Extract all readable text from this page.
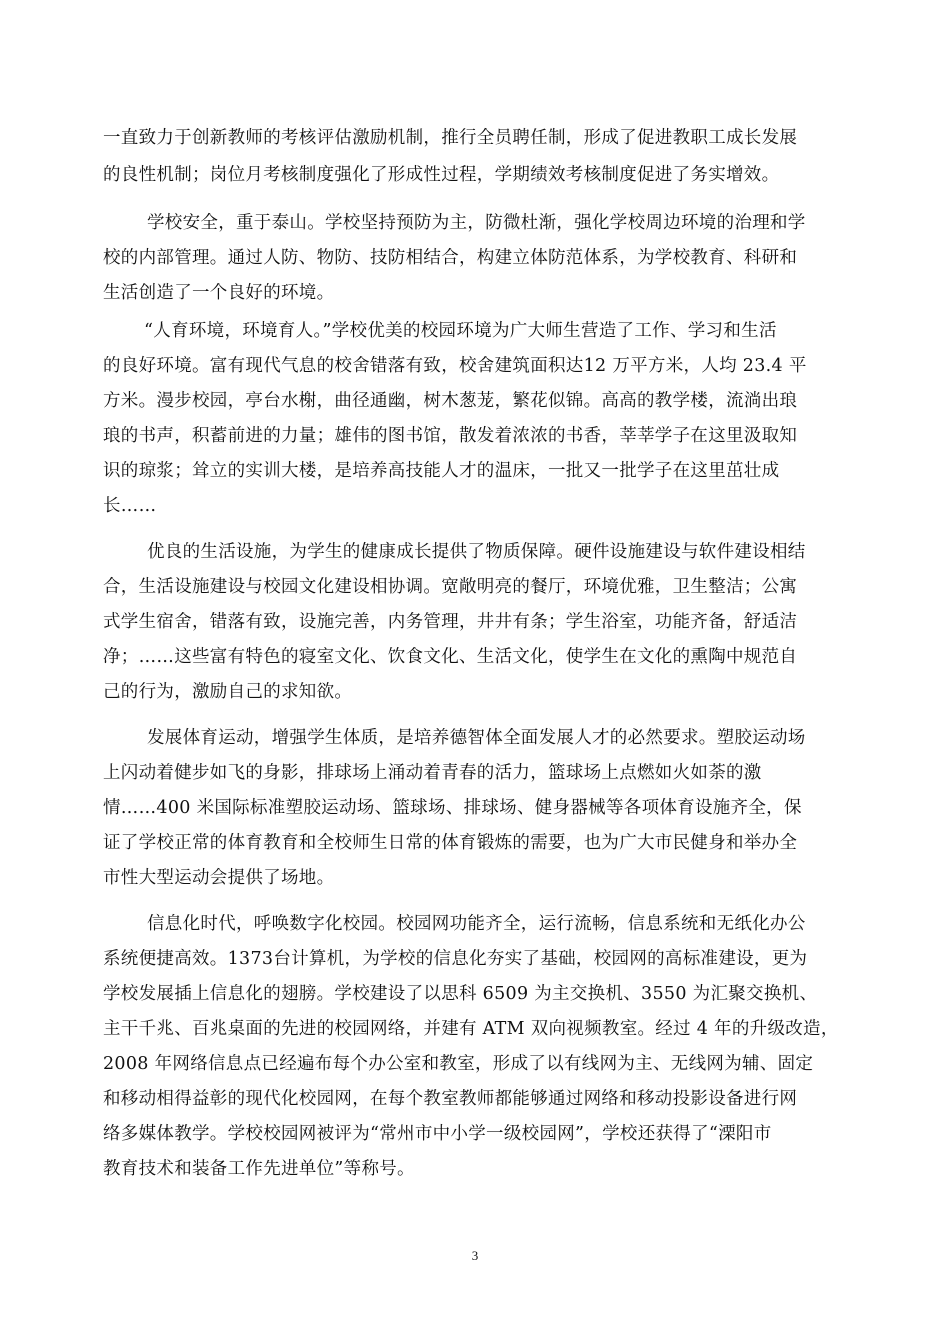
一直致力于创新教师的考核评估激励机制，推行全员聘任制，形成了促进教职工成长发展
的良性机制；岗位月考核制度强化了形成性过程，学期绩效考核制度促进了务实增效。
学校安全，重于泰山。学校坚持预防为主，防微杜渐，强化学校周边环境的治理和学
校的内部管理。通过人防、物防、技防相结合，构建立体防范体系，为学校教育、科研和
生活创造了一个良好的环境。
“人育环境，环境育人。”学校优美的校园环境为广大师生营造了工作、学习和生活
的良好环境。富有现代气息的校舍错落有致，校舍建筑面积达12 万平方米，人均 23.4 平
方米。漫步校园，亭台水榭，曲径通幽，树木葱茏，繁花似锦。高高的教学楼，流淌出琅
琅的书声，积蓄前进的力量；雄伟的图书馆，散发着浓浓的书香，莘莘学子在这里汲取知
识的琼浆；耸立的实训大楼，是培养高技能人才的温床，一批又一批学子在这里茁壮成
长……
优良的生活设施，为学生的健康成长提供了物质保障。硬件设施建设与软件建设相结
合，生活设施建设与校园文化建设相协调。宽敞明亮的餐厅，环境优雅，卫生整洁；公寓
式学生宿舍，错落有致，设施完善，内务管理，井井有条；学生浴室，功能齐备，舒适洁
净；……这些富有特色的寝室文化、饮食文化、生活文化，使学生在文化的熏陶中规范自
己的行为，激励自己的求知欲。
发展体育运动，增强学生体质，是培养德智体全面发展人才的必然要求。塑胶运动场
上闪动着健步如飞的身影，排球场上涌动着青春的活力，篮球场上点燃如火如荼的激
情……400 米国际标准塑胶运动场、篮球场、排球场、健身器械等各项体育设施齐全，保
证了学校正常的体育教育和全校师生日常的体育锻炼的需要，也为广大市民健身和举办全
市性大型运动会提供了场地。
信息化时代，呼唤数字化校园。校园网功能齐全，运行流畅，信息系统和无纸化办公
系统便捷高效。1373台计算机，为学校的信息化夯实了基础，校园网的高标准建设，更为
学校发展插上信息化的翅膀。学校建设了以思科 6509 为主交换机、3550 为汇聚交换机、
主干千兆、百兆桌面的先进的校园网络，并建有 ATM 双向视频教室。经过 4 年的升级改造，
2008 年网络信息点已经遍布每个办公室和教室，形成了以有线网为主、无线网为辅、固定
和移动相得益彰的现代化校园网，在每个教室教师都能够通过网络和移动投影设备进行网
络多媒体教学。学校校园网被评为“常州市中小学一级校园网”，学校还获得了“溧阳市
教育技术和装备工作先进单位”等称号。
3
